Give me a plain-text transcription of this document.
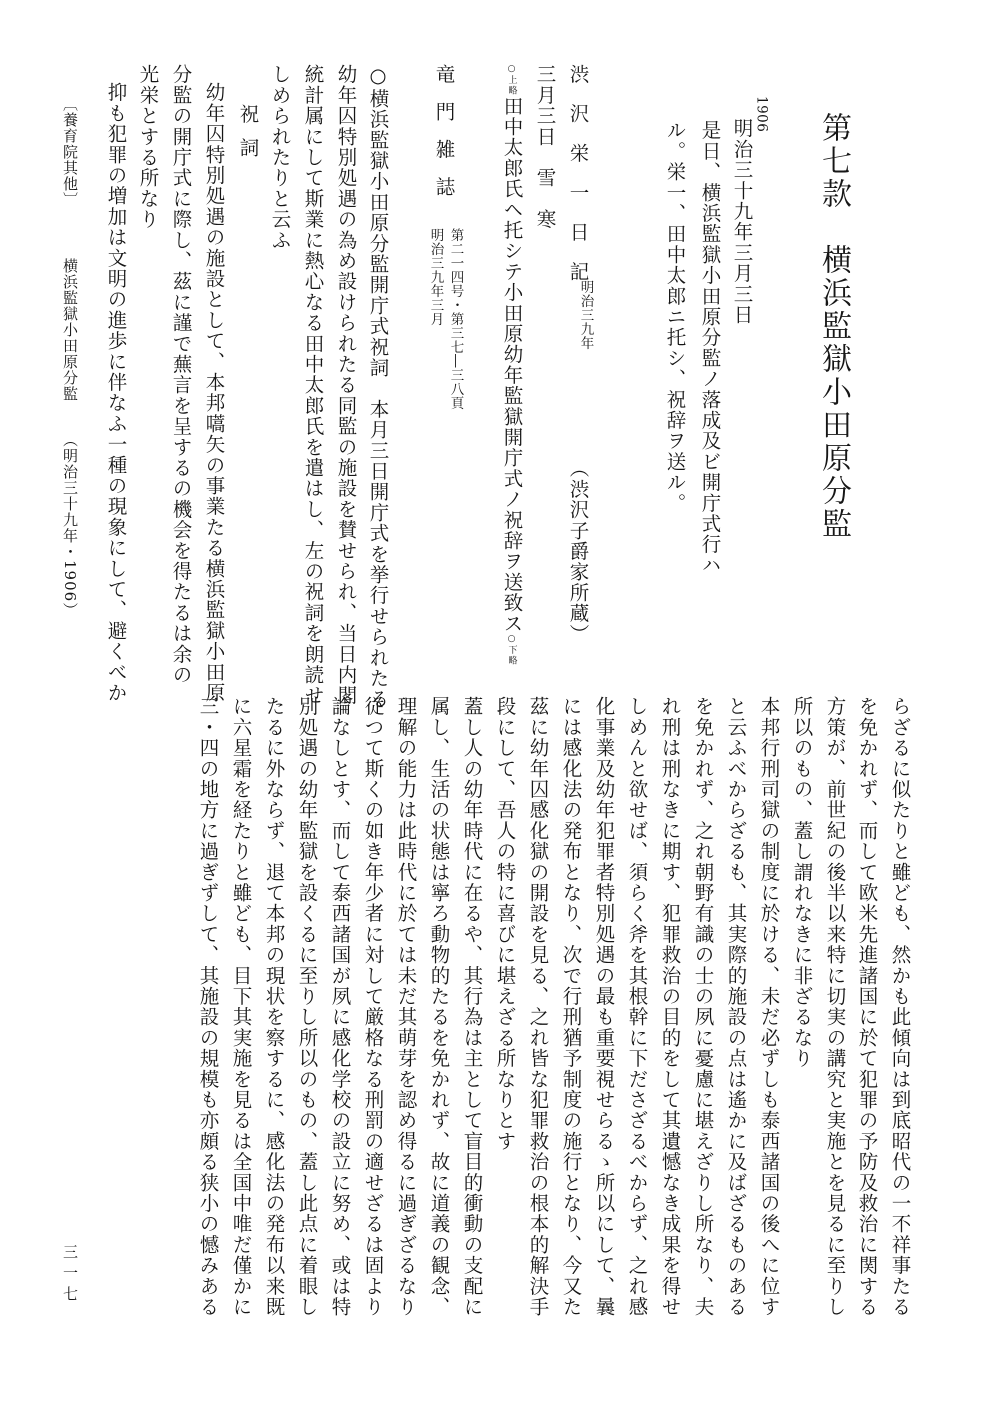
第七款　横浜監獄小田原分監
1906
明治三十九年三月三日
是日、横浜監獄小田原分監ノ落成及ビ開庁式行ハ
ル。栄一、田中太郎ニ托シ、祝辞ヲ送ル。
渋沢栄一日記
明治三九年
（渋沢子爵家所蔵）
三月三日　雪　寒
○上略田中太郎氏ヘ托シテ小田原幼年監獄開庁式ノ祝辞ヲ送致ス○下略
竜門雑誌
第二一四号・第三七―三八頁
明治三九年三月
○横浜監獄小田原分監開庁式祝詞　本月三日開庁式を挙行せられたる
幼年囚特別処遇の為め設けられたる同監の施設を賛せられ、当日内閣
統計属にして斯業に熱心なる田中太郎氏を遣はし、左の祝詞を朗読せ
しめられたりと云ふ
祝詞
幼年囚特別処遇の施設として、本邦嚆矢の事業たる横浜監獄小田原
分監の開庁式に際し、茲に謹で蕪言を呈するの機会を得たるは余の
光栄とする所なり
抑も犯罪の増加は文明の進歩に伴なふ一種の現象にして、避くべか
〔養育院其他〕
横浜監獄小田原分監
（明治三十九年・1906）
らざるに似たりと雖ども、然かも此傾向は到底昭代の一不祥事たる
を免かれず、而して欧米先進諸国に於て犯罪の予防及救治に関する
方策が、前世紀の後半以来特に切実の講究と実施とを見るに至りし
所以のもの、蓋し謂れなきに非ざるなり
本邦行刑司獄の制度に於ける、未だ必ずしも泰西諸国の後へに位す
と云ふべからざるも、其実際的施設の点は遙かに及ばざるものある
を免かれず、之れ朝野有識の士の夙に憂慮に堪えざりし所なり、夫
れ刑は刑なきに期す、犯罪救治の目的をして其遺憾なき成果を得せ
しめんと欲せば、須らく斧を其根幹に下ださざるべからず、之れ感
化事業及幼年犯罪者特別処遇の最も重要視せらるゝ所以にして、曩
には感化法の発布となり、次で行刑猶予制度の施行となり、今又た
茲に幼年囚感化獄の開設を見る、之れ皆な犯罪救治の根本的解決手
段にして、吾人の特に喜びに堪えざる所なりとす
蓋し人の幼年時代に在るや、其行為は主として盲目的衝動の支配に
属し、生活の状態は寧ろ動物的たるを免かれず、故に道義の観念、
理解の能力は此時代に於ては未だ其萌芽を認め得るに過ぎざるなり
従つて斯くの如き年少者に対して厳格なる刑罰の適せざるは固より
論なしとす、而して泰西諸国が夙に感化学校の設立に努め、或は特
別処遇の幼年監獄を設くるに至りし所以のもの、蓋し此点に着眼し
たるに外ならず、退て本邦の現状を察するに、感化法の発布以来既
に六星霜を経たりと雖ども、目下其実施を見るは全国中唯だ僅かに
三・四の地方に過ぎずして、其施設の規模も亦頗る狭小の憾みある
三一七
